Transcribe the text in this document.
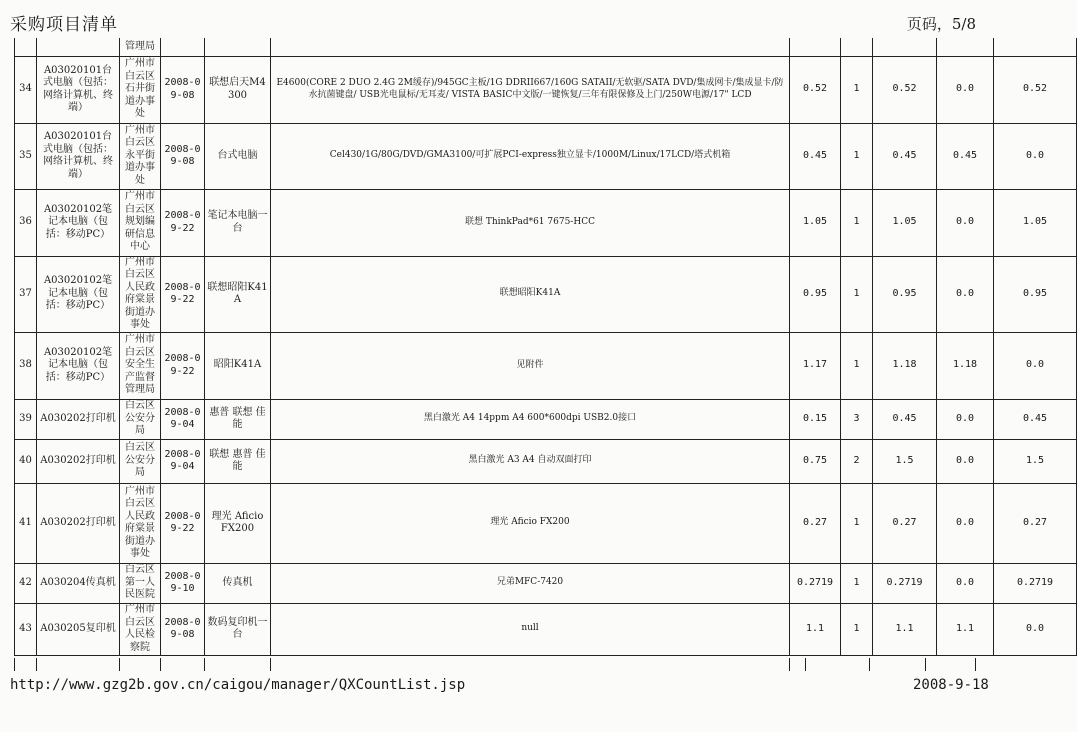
采购项目清单	页码，5/8
		管理局								
34	A03020101台式电脑（包括：网络计算机、终端）	广州市白云区石井街道办事处	2008-09-08	联想启天M4300	E4600(CORE 2 DUO 2.4G 2M缓存)/945GC主板/1G DDRII667/160G SATAII/无软驱/SATA DVD/集成网卡/集成显卡/防水抗菌键盘/ USB光电鼠标/无耳麦/ VISTA BASIC中文版/一键恢复/三年有限保修及上门/250W电源/17" LCD	0.52	1	0.52	0.0	0.52
35	A03020101台式电脑（包括：网络计算机、终端）	广州市白云区永平街道办事处	2008-09-08	台式电脑	Cel430/1G/80G/DVD/GMA3100/可扩展PCI-express独立显卡/1000M/Linux/17LCD/塔式机箱	0.45	1	0.45	0.45	0.0
36	A03020102笔记本电脑（包括：移动PC）	广州市白云区规划编研信息中心	2008-09-22	笔记本电脑一台	联想 ThinkPad*61 7675-HCC	1.05	1	1.05	0.0	1.05
37	A03020102笔记本电脑（包括：移动PC）	广州市白云区人民政府棠景街道办事处	2008-09-22	联想昭阳K41A	联想昭阳K41A	0.95	1	0.95	0.0	0.95
38	A03020102笔记本电脑（包括：移动PC）	广州市白云区安全生产监督管理局	2008-09-22	昭阳K41A	见附件	1.17	1	1.18	1.18	0.0
39	A030202打印机	白云区公安分局	2008-09-04	惠普 联想 佳能	黑白激光 A4 14ppm A4 600*600dpi USB2.0接口	0.15	3	0.45	0.0	0.45
40	A030202打印机	白云区公安分局	2008-09-04	联想 惠普 佳能	黑白激光 A3 A4 自动双面打印	0.75	2	1.5	0.0	1.5
41	A030202打印机	广州市白云区人民政府棠景街道办事处	2008-09-22	理光 Aficio FX200	理光 Aficio FX200	0.27	1	0.27	0.0	0.27
42	A030204传真机	白云区第一人民医院	2008-09-10	传真机	兄弟MFC-7420	0.2719	1	0.2719	0.0	0.2719
43	A030205复印机	广州市白云区人民检察院	2008-09-08	数码复印机一台	null	1.1	1	1.1	1.1	0.0
http://www.gzg2b.gov.cn/caigou/manager/QXCountList.jsp	2008-9-18
